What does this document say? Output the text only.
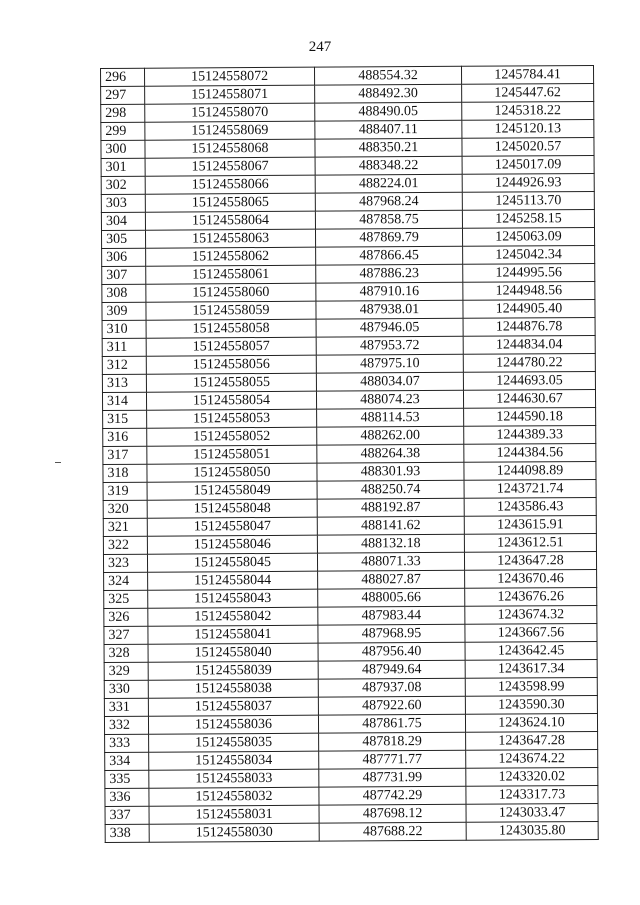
247
296	15124558072	488554.32	1245784.41
297	15124558071	488492.30	1245447.62
298	15124558070	488490.05	1245318.22
299	15124558069	488407.11	1245120.13
300	15124558068	488350.21	1245020.57
301	15124558067	488348.22	1245017.09
302	15124558066	488224.01	1244926.93
303	15124558065	487968.24	1245113.70
304	15124558064	487858.75	1245258.15
305	15124558063	487869.79	1245063.09
306	15124558062	487866.45	1245042.34
307	15124558061	487886.23	1244995.56
308	15124558060	487910.16	1244948.56
309	15124558059	487938.01	1244905.40
310	15124558058	487946.05	1244876.78
311	15124558057	487953.72	1244834.04
312	15124558056	487975.10	1244780.22
313	15124558055	488034.07	1244693.05
314	15124558054	488074.23	1244630.67
315	15124558053	488114.53	1244590.18
316	15124558052	488262.00	1244389.33
317	15124558051	488264.38	1244384.56
318	15124558050	488301.93	1244098.89
319	15124558049	488250.74	1243721.74
320	15124558048	488192.87	1243586.43
321	15124558047	488141.62	1243615.91
322	15124558046	488132.18	1243612.51
323	15124558045	488071.33	1243647.28
324	15124558044	488027.87	1243670.46
325	15124558043	488005.66	1243676.26
326	15124558042	487983.44	1243674.32
327	15124558041	487968.95	1243667.56
328	15124558040	487956.40	1243642.45
329	15124558039	487949.64	1243617.34
330	15124558038	487937.08	1243598.99
331	15124558037	487922.60	1243590.30
332	15124558036	487861.75	1243624.10
333	15124558035	487818.29	1243647.28
334	15124558034	487771.77	1243674.22
335	15124558033	487731.99	1243320.02
336	15124558032	487742.29	1243317.73
337	15124558031	487698.12	1243033.47
338	15124558030	487688.22	1243035.80
